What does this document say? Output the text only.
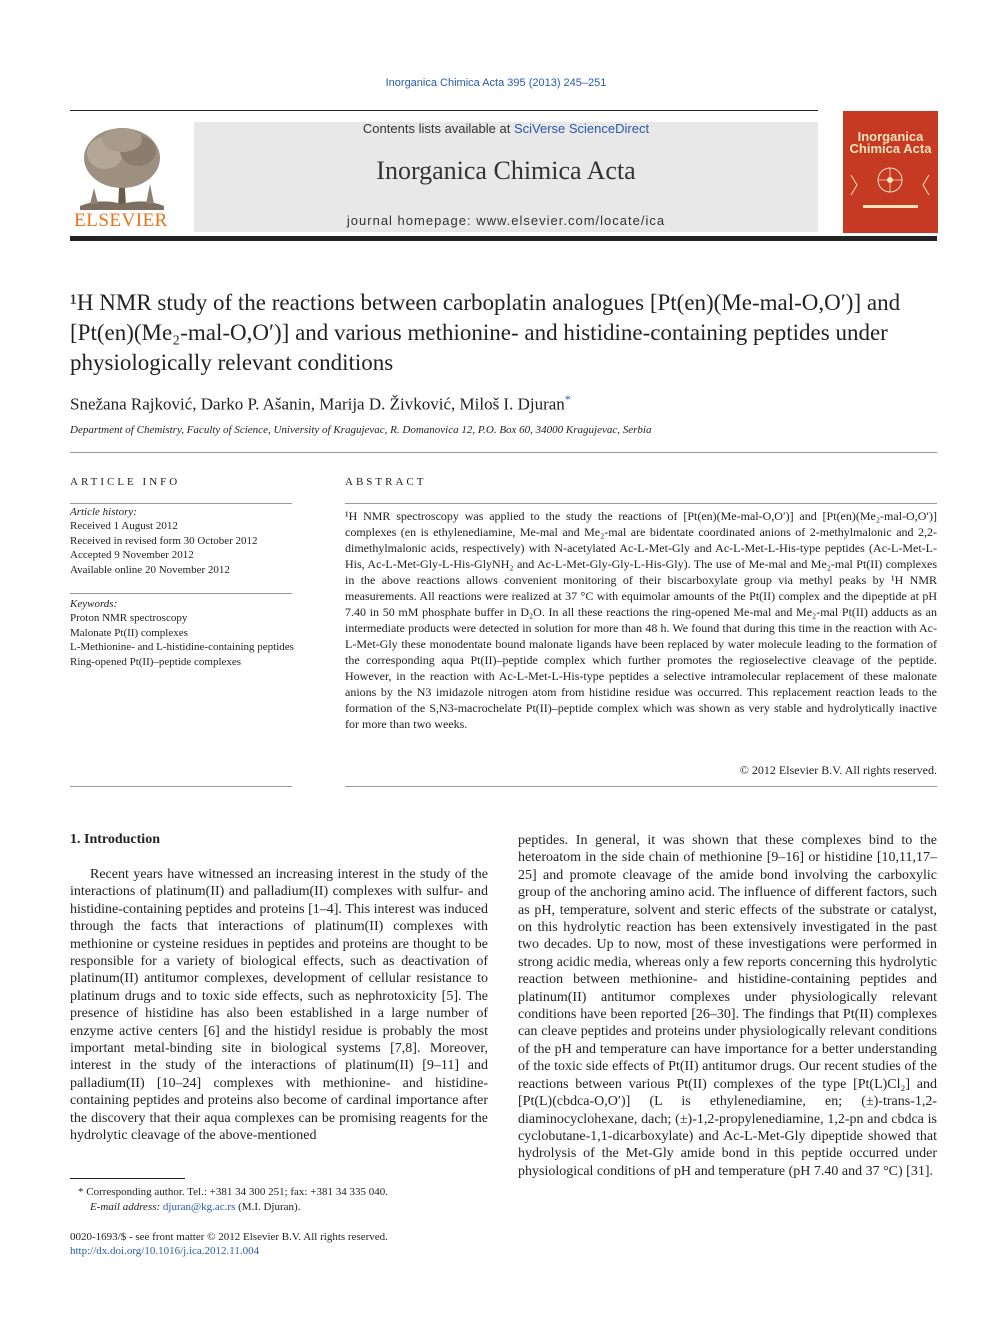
Inorganica Chimica Acta 395 (2013) 245–251
ELSEVIER
Contents lists available at SciVerse ScienceDirect
Inorganica Chimica Acta
journal homepage: www.elsevier.com/locate/ica
Inorganica
Chimica Acta
¹H NMR study of the reactions between carboplatin analogues [Pt(en)(Me-mal-O,O′)] and [Pt(en)(Me₂-mal-O,O′)] and various methionine- and histidine-containing peptides under physiologically relevant conditions
Snežana Rajković, Darko P. Ašanin, Marija D. Živković, Miloš I. Djuran*
Department of Chemistry, Faculty of Science, University of Kragujevac, R. Domanovica 12, P.O. Box 60, 34000 Kragujevac, Serbia
ARTICLE INFO
Article history:
Received 1 August 2012
Received in revised form 30 October 2012
Accepted 9 November 2012
Available online 20 November 2012
Keywords:
Proton NMR spectroscopy
Malonate Pt(II) complexes
L-Methionine- and L-histidine-containing peptides
Ring-opened Pt(II)–peptide complexes
ABSTRACT
¹H NMR spectroscopy was applied to the study the reactions of [Pt(en)(Me-mal-O,O′)] and [Pt(en)(Me₂-mal-O,O′)] complexes (en is ethylenediamine, Me-mal and Me₂-mal are bidentate coordinated anions of 2-methylmalonic and 2,2-dimethylmalonic acids, respectively) with N-acetylated Ac-L-Met-Gly and Ac-L-Met-L-His-type peptides (Ac-L-Met-L-His, Ac-L-Met-Gly-L-His-GlyNH₂ and Ac-L-Met-Gly-Gly-L-His-Gly). The use of Me-mal and Me₂-mal Pt(II) complexes in the above reactions allows convenient monitoring of their biscarboxylate group via methyl peaks by ¹H NMR measurements. All reactions were realized at 37 °C with equimolar amounts of the Pt(II) complex and the dipeptide at pH 7.40 in 50 mM phosphate buffer in D₂O. In all these reactions the ring-opened Me-mal and Me₂-mal Pt(II) adducts as an intermediate products were detected in solution for more than 48 h. We found that during this time in the reaction with Ac-L-Met-Gly these monodentate bound malonate ligands have been replaced by water molecule leading to the formation of the corresponding aqua Pt(II)–peptide complex which further promotes the regioselective cleavage of the peptide. However, in the reaction with Ac-L-Met-L-His-type peptides a selective intramolecular replacement of these malonate anions by the N3 imidazole nitrogen atom from histidine residue was occurred. This replacement reaction leads to the formation of the S,N3-macrochelate Pt(II)–peptide complex which was shown as very stable and hydrolytically inactive for more than two weeks.
© 2012 Elsevier B.V. All rights reserved.
1. Introduction
Recent years have witnessed an increasing interest in the study of the interactions of platinum(II) and palladium(II) complexes with sulfur- and histidine-containing peptides and proteins [1–4]. This interest was induced through the facts that interactions of platinum(II) complexes with methionine or cysteine residues in peptides and proteins are thought to be responsible for a variety of biological effects, such as deactivation of platinum(II) antitumor complexes, development of cellular resistance to platinum drugs and to toxic side effects, such as nephrotoxicity [5]. The presence of histidine has also been established in a large number of enzyme active centers [6] and the histidyl residue is probably the most important metal-binding site in biological systems [7,8]. Moreover, interest in the study of the interactions of platinum(II) [9–11] and palladium(II) [10–24] complexes with methionine- and histidine-containing peptides and proteins also become of cardinal importance after the discovery that their aqua complexes can be promising reagents for the hydrolytic cleavage of the above-mentioned
peptides. In general, it was shown that these complexes bind to the heteroatom in the side chain of methionine [9–16] or histidine [10,11,17–25] and promote cleavage of the amide bond involving the carboxylic group of the anchoring amino acid. The influence of different factors, such as pH, temperature, solvent and steric effects of the substrate or catalyst, on this hydrolytic reaction has been extensively investigated in the past two decades. Up to now, most of these investigations were performed in strong acidic media, whereas only a few reports concerning this hydrolytic reaction between methionine- and histidine-containing peptides and platinum(II) antitumor complexes under physiologically relevant conditions have been reported [26–30]. The findings that Pt(II) complexes can cleave peptides and proteins under physiologically relevant conditions of the pH and temperature can have importance for a better understanding of the toxic side effects of Pt(II) antitumor drugs. Our recent studies of the reactions between various Pt(II) complexes of the type [Pt(L)Cl₂] and [Pt(L)(cbdca-O,O′)] (L is ethylenediamine, en; (±)-trans-1,2-diaminocyclohexane, dach; (±)-1,2-propylenediamine, 1,2-pn and cbdca is cyclobutane-1,1-dicarboxylate) and Ac-L-Met-Gly dipeptide showed that hydrolysis of the Met-Gly amide bond in this peptide occurred under physiological conditions of pH and temperature (pH 7.40 and 37 °C) [31].
* Corresponding author. Tel.: +381 34 300 251; fax: +381 34 335 040.
E-mail address: djuran@kg.ac.rs (M.I. Djuran).
0020-1693/$ - see front matter © 2012 Elsevier B.V. All rights reserved.
http://dx.doi.org/10.1016/j.ica.2012.11.004
